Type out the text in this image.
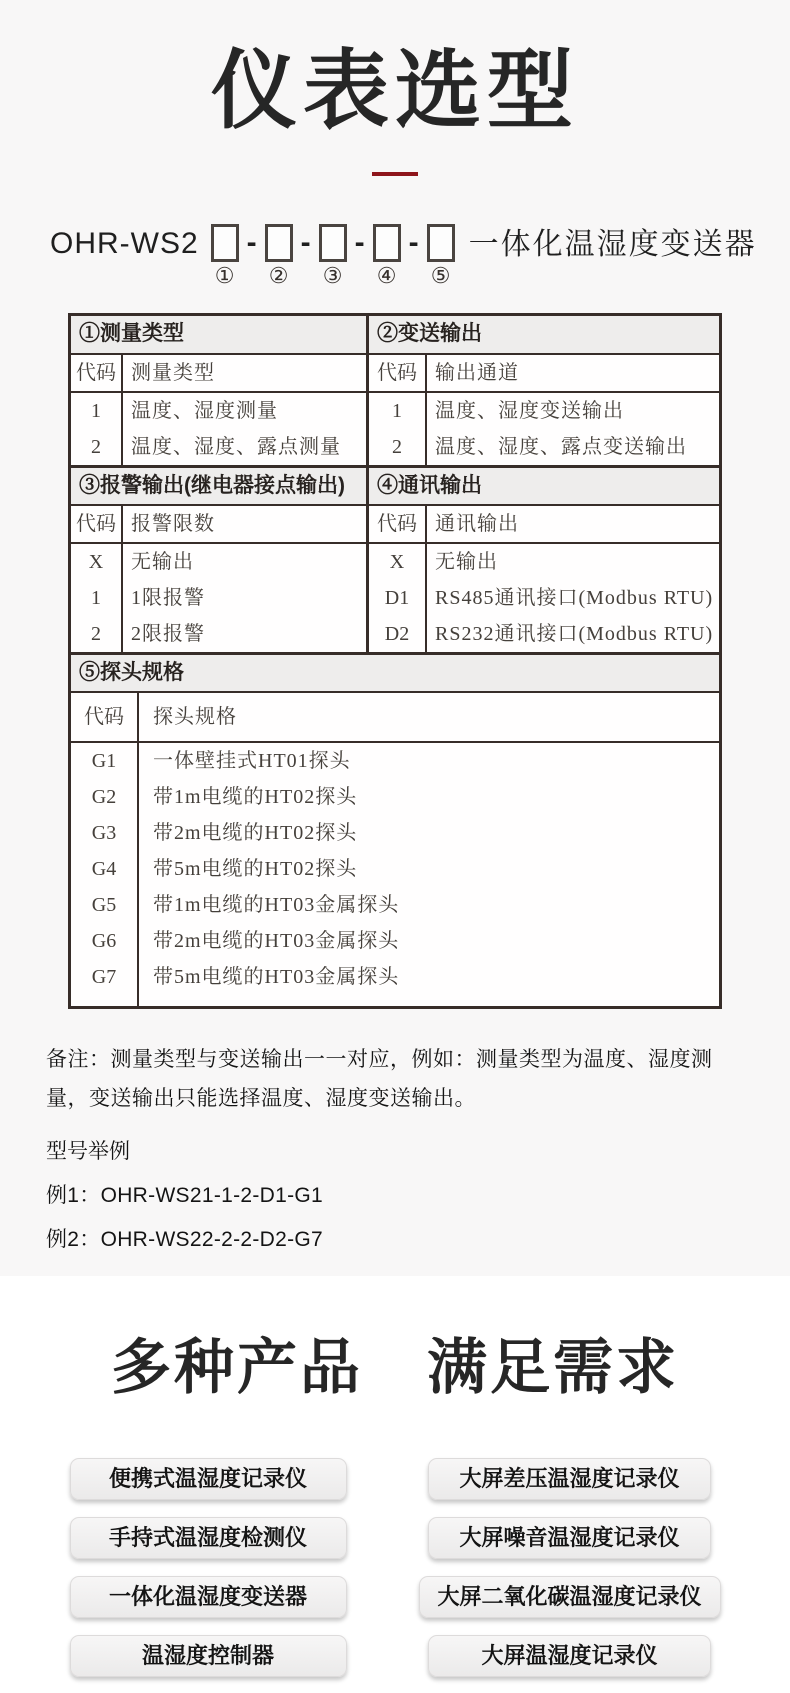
仪表选型
OHR-WS2
①
-
②
-
③
-
④
-
⑤
一体化温湿度变送器
①测量类型	②变送输出
代码 测量类型	代码 输出通道
1	温度、湿度测量	1	温度、湿度变送输出
2	温度、湿度、露点测量	2	温度、湿度、露点变送输出
③报警输出(继电器接点输出)	④通讯输出
代码 报警限数	代码 通讯输出
X	无输出	X	无输出
1	1限报警	D1	RS485通讯接口(Modbus RTU)
2	2限报警	D2	RS232通讯接口(Modbus RTU)
⑤探头规格
代码	探头规格
G1	一体壁挂式HT01探头
G2	带1m电缆的HT02探头
G3	带2m电缆的HT02探头
G4	带5m电缆的HT02探头
G5	带1m电缆的HT03金属探头
G6	带2m电缆的HT03金属探头
G7	带5m电缆的HT03金属探头

备注：测量类型与变送输出一一对应，例如：测量类型为温度、湿度测量，变送输出只能选择温度、湿度变送输出。

型号举例

例1：OHR-WS21-1-2-D1-G1

例2：OHR-WS22-2-2-D2-G7

多种产品 满足需求
便携式温湿度记录仪	大屏差压温湿度记录仪
手持式温湿度检测仪	大屏噪音温湿度记录仪
一体化温湿度变送器	大屏二氧化碳温湿度记录仪
温湿度控制器	大屏温湿度记录仪
